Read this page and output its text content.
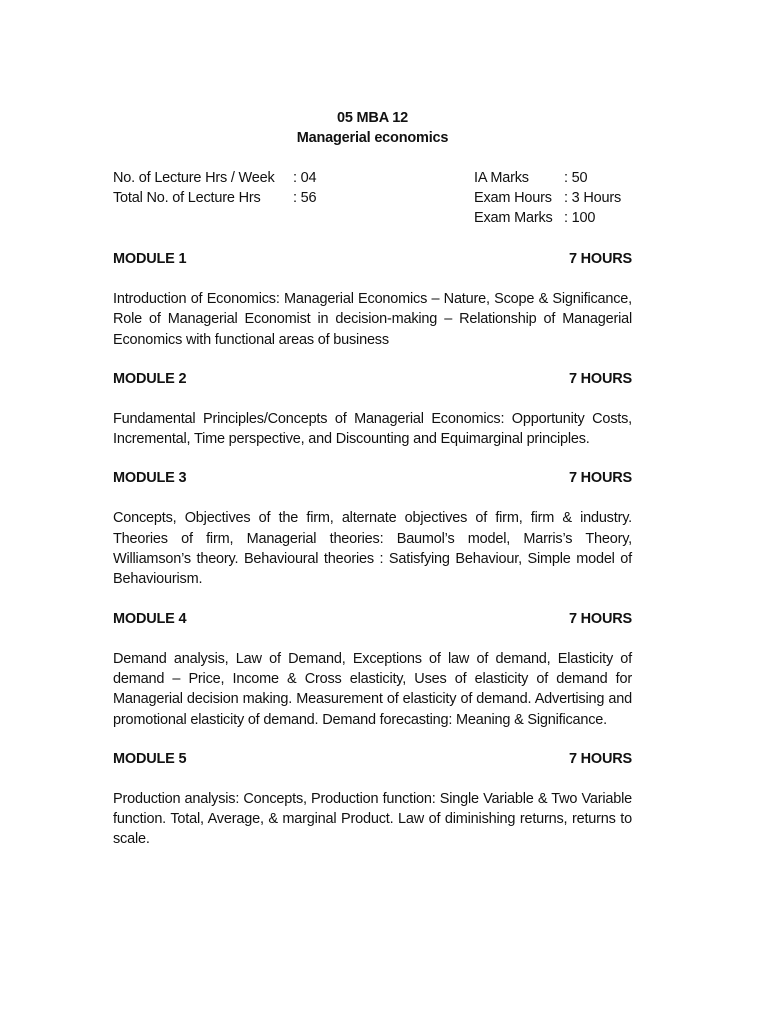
05 MBA 12
Managerial economics
No. of Lecture Hrs / Week	: 04
Total No. of Lecture Hrs	: 56
IA Marks	: 50
Exam Hours : 3 Hours
Exam Marks : 100
MODULE 1	7 HOURS
Introduction of Economics: Managerial Economics – Nature, Scope & Significance, Role of Managerial Economist in decision-making – Relationship of Managerial Economics with functional areas of business
MODULE 2	7 HOURS
Fundamental Principles/Concepts of Managerial Economics: Opportunity Costs, Incremental, Time perspective, and Discounting and Equimarginal principles.
MODULE 3	7 HOURS
Concepts, Objectives of the firm, alternate objectives of firm, firm & industry. Theories of firm, Managerial theories: Baumol’s model, Marris’s Theory, Williamson’s theory. Behavioural theories : Satisfying Behaviour, Simple model of Behaviourism.
MODULE 4	7 HOURS
Demand analysis, Law of Demand, Exceptions of law of demand, Elasticity of demand – Price, Income & Cross elasticity, Uses of elasticity of demand for Managerial decision making. Measurement of elasticity of demand. Advertising and promotional elasticity of demand. Demand forecasting: Meaning & Significance.
MODULE 5	7 HOURS
Production analysis: Concepts, Production function: Single Variable & Two Variable function. Total, Average, & marginal Product. Law of diminishing returns, returns to scale.
